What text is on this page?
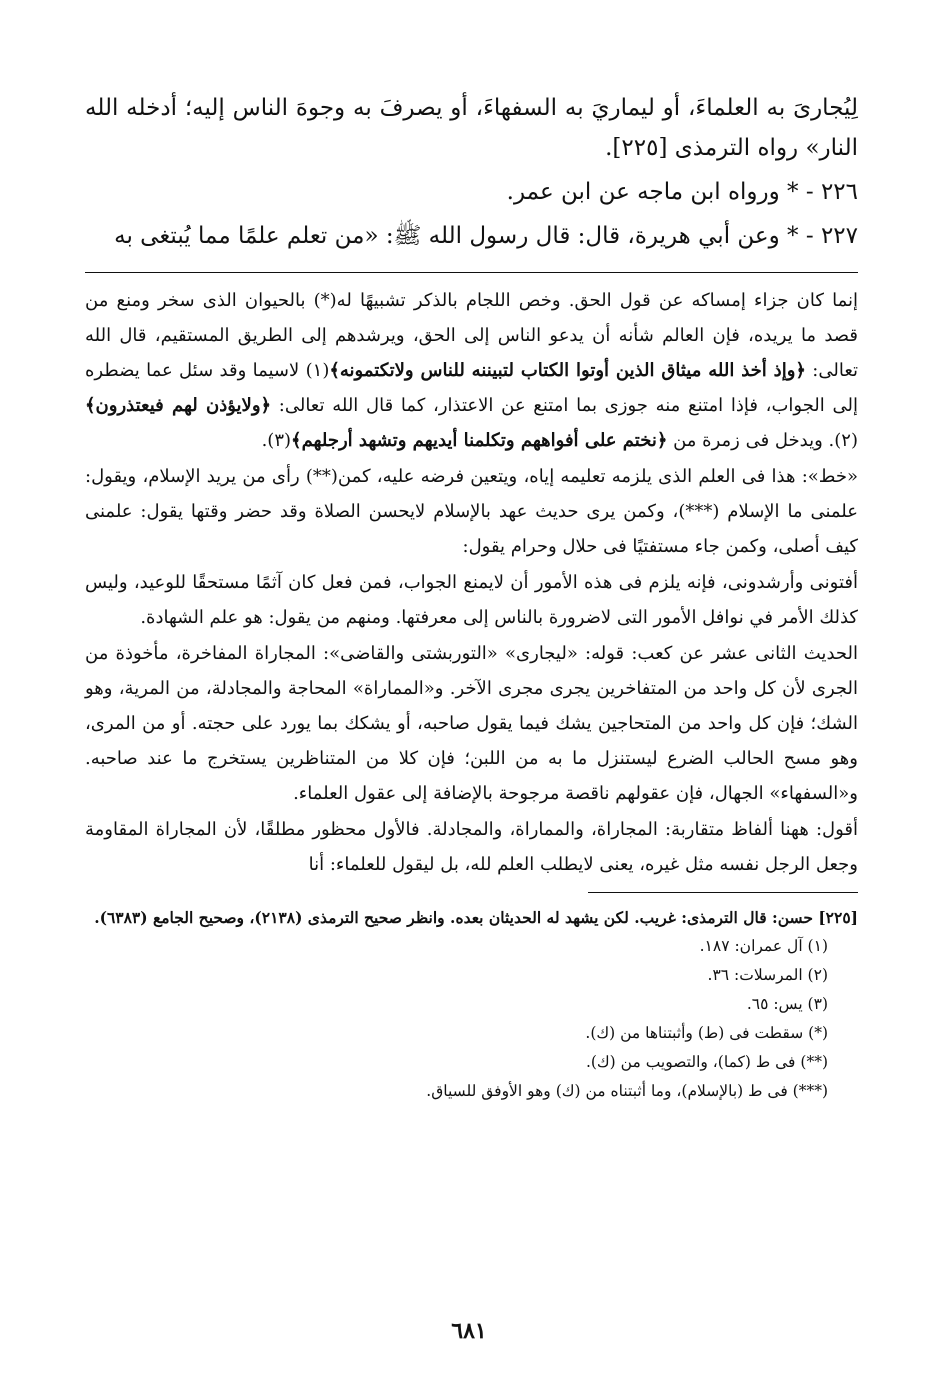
لِيُجارىَ به العلماءَ، أو ليماريَ به السفهاءَ، أو يصرفَ به وجوهَ الناس إليه؛ أدخله الله النار» رواه الترمذى [٢٢٥].

٢٢٦ - * ورواه ابن ماجه عن ابن عمر.

٢٢٧ - * وعن أبي هريرة، قال: قال رسول الله ﷺ: «من تعلم علمًا مما يُبتغى به

إنما كان جزاء إمساكه عن قول الحق. وخص اللجام بالذكر تشبيهًا له(*) بالحيوان الذى سخر ومنع من قصد ما يريده، فإن العالم شأنه أن يدعو الناس إلى الحق، ويرشدهم إلى الطريق المستقيم، قال الله تعالى: ﴿وإذ أخذ الله ميثاق الذين أوتوا الكتاب لتبيننه للناس ولاتكتمونه﴾(١) لاسيما وقد سئل عما يضطره إلى الجواب، فإذا امتنع منه جوزى بما امتنع عن الاعتذار، كما قال الله تعالى: ﴿ولايؤذن لهم فيعتذرون﴾ (٢). ويدخل فى زمرة من ﴿نختم على أفواههم وتكلمنا أيديهم وتشهد أرجلهم﴾(٣).

«خط»: هذا فى العلم الذى يلزمه تعليمه إياه، ويتعين فرضه عليه، كمن(**) رأى من يريد الإسلام، ويقول: علمنى ما الإسلام (***)، وكمن يرى حديث عهد بالإسلام لايحسن الصلاة وقد حضر وقتها يقول: علمنى كيف أصلى، وكمن جاء مستفتيًا فى حلال وحرام يقول:

أفتونى وأرشدونى، فإنه يلزم فى هذه الأمور أن لايمنع الجواب، فمن فعل كان آثمًا مستحقًا للوعيد، وليس كذلك الأمر في نوافل الأمور التى لاضرورة بالناس إلى معرفتها. ومنهم من يقول: هو علم الشهادة.

الحديث الثانى عشر عن كعب: قوله: «ليجارى» «التوربشتى والقاضى»: المجاراة المفاخرة، مأخوذة من الجرى لأن كل واحد من المتفاخرين يجرى مجرى الآخر. و«المماراة» المحاجة والمجادلة، من المرية، وهو الشك؛ فإن كل واحد من المتحاجين يشك فيما يقول صاحبه، أو يشكك بما يورد على حجته. أو من المرى، وهو مسح الحالب الضرع ليستنزل ما به من اللبن؛ فإن كلا من المتناظرين يستخرج ما عند صاحبه. و«السفهاء» الجهال، فإن عقولهم ناقصة مرجوحة بالإضافة إلى عقول العلماء.

أقول: ههنا ألفاظ متقاربة: المجاراة، والمماراة، والمجادلة. فالأول محظور مطلقًا، لأن المجاراة المقاومة وجعل الرجل نفسه مثل غيره، يعنى لايطلب العلم لله، بل ليقول للعلماء: أنا

[٢٢٥] حسن: قال الترمذى: غريب. لكن يشهد له الحديثان بعده. وانظر صحيح الترمذى (٢١٣٨)، وصحيح الجامع (٦٣٨٣).

(١) آل عمران: ١٨٧.

(٢) المرسلات: ٣٦.

(٣) يس: ٦٥.

(*) سقطت فى (ط) وأثبتناها من (ك).

(**) فى ط (كما)، والتصويب من (ك).

(***) فى ط (بالإسلام)، وما أثبتناه من (ك) وهو الأوفق للسياق.

٦٨١
